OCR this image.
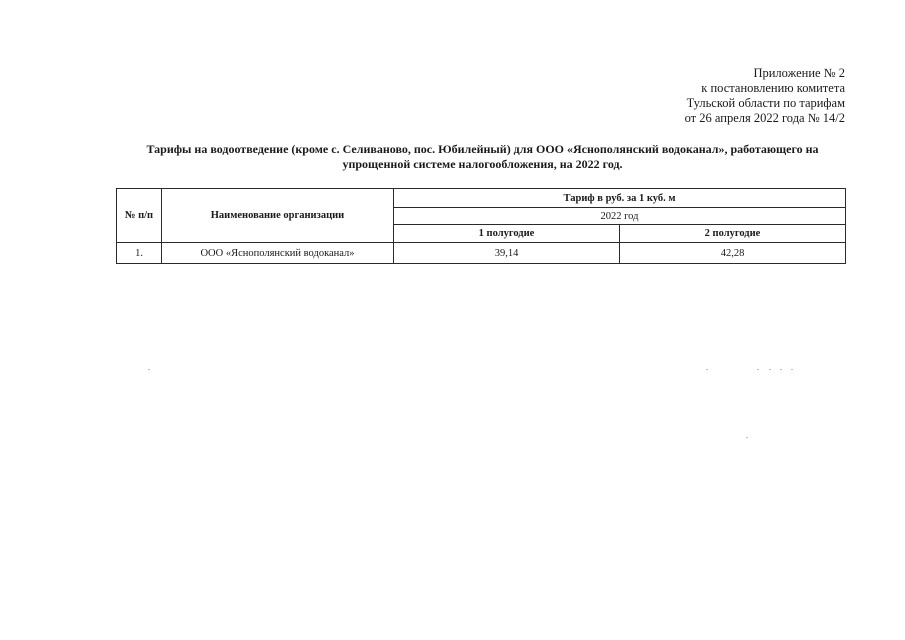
Приложение № 2
к постановлению комитета
Тульской области по тарифам
от 26 апреля 2022 года № 14/2
Тарифы на водоотведение (кроме с. Селиваново, пос. Юбилейный) для ООО «Яснополянский водоканал», работающего на
упрощенной системе налогообложения, на 2022 год.
№ п/п	Наименование организации	Тариф в руб. за 1 куб. м	
		2022 год	
		1 полугодие	2 полугодие
1.	ООО «Яснополянский водоканал»	39,14	42,28
